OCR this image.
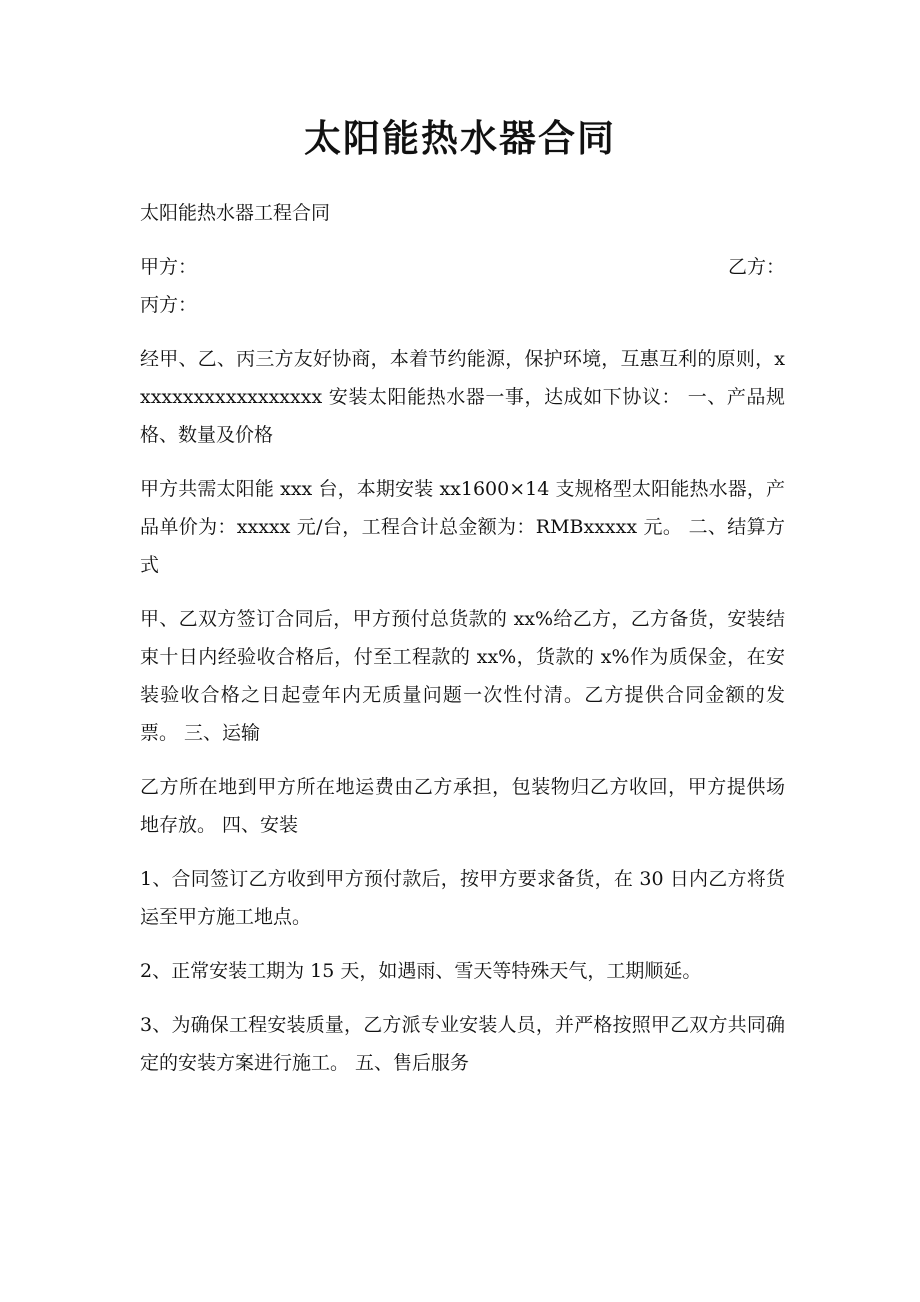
太阳能热水器合同

太阳能热水器工程合同

甲方：	乙方：
丙方：

经甲、乙、丙三方友好协商，本着节约能源，保护环境，互惠互利的原则，xxxxxxxxxxxxxxxxxx 安装太阳能热水器一事，达成如下协议： 一、产品规格、数量及价格

甲方共需太阳能 xxx 台，本期安装 xx1600×14 支规格型太阳能热水器，产品单价为：xxxxx 元/台，工程合计总金额为：RMBxxxxx 元。 二、结算方式

甲、乙双方签订合同后，甲方预付总货款的 xx%给乙方，乙方备货，安装结束十日内经验收合格后，付至工程款的 xx%，货款的 x%作为质保金，在安装验收合格之日起壹年内无质量问题一次性付清。乙方提供合同金额的发票。 三、运输

乙方所在地到甲方所在地运费由乙方承担，包装物归乙方收回，甲方提供场地存放。 四、安装

1、合同签订乙方收到甲方预付款后，按甲方要求备货，在 30 日内乙方将货运至甲方施工地点。

2、正常安装工期为 15 天，如遇雨、雪天等特殊天气，工期顺延。

3、为确保工程安装质量，乙方派专业安装人员，并严格按照甲乙双方共同确定的安装方案进行施工。 五、售后服务
